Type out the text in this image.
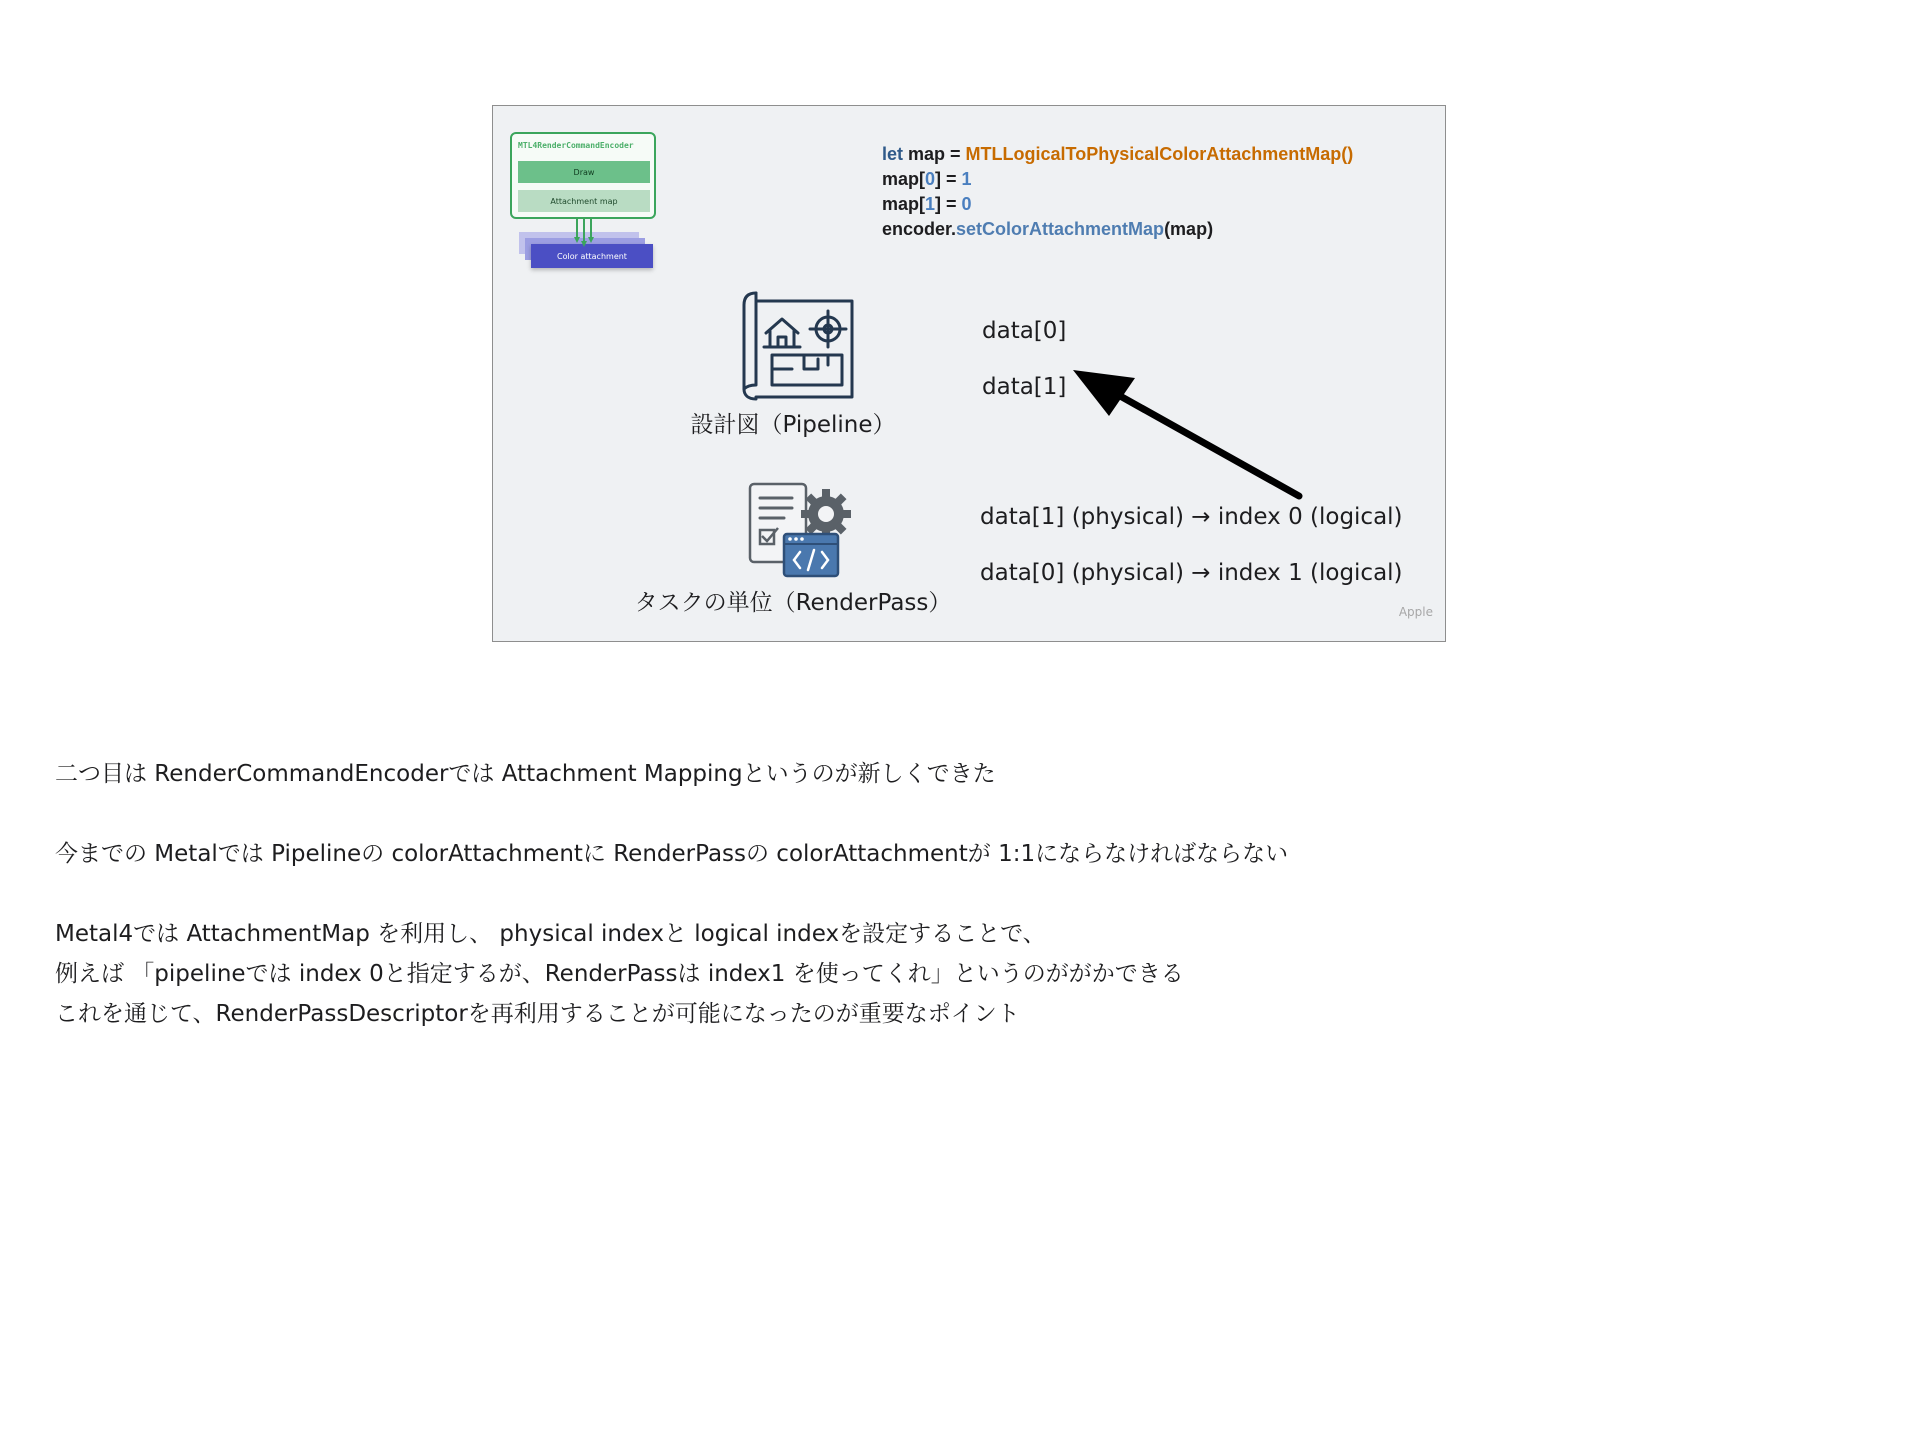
Color attachment
MTL4RenderCommandEncoder
Draw
Attachment map
let map = MTLLogicalToPhysicalColorAttachmentMap()
map[0] = 1
map[1] = 0
encoder.setColorAttachmentMap(map)
設計図（Pipeline）
タスクの単位（RenderPass）
data[0]
data[1]
data[1] (physical) → index 0 (logical)
data[0] (physical) → index 1 (logical)
Apple

二つ目は RenderCommandEncoderでは Attachment Mappingというのが新しくできた

今までの Metalでは Pipelineの colorAttachmentに RenderPassの colorAttachmentが 1:1にならなければならない

Metal4では AttachmentMap を利用し、 physical indexと logical indexを設定することで、

例えば 「pipelineでは index 0と指定するが、RenderPassは index1 を使ってくれ」というのががかできる

これを通じて、RenderPassDescriptorを再利用することが可能になったのが重要なポイント
